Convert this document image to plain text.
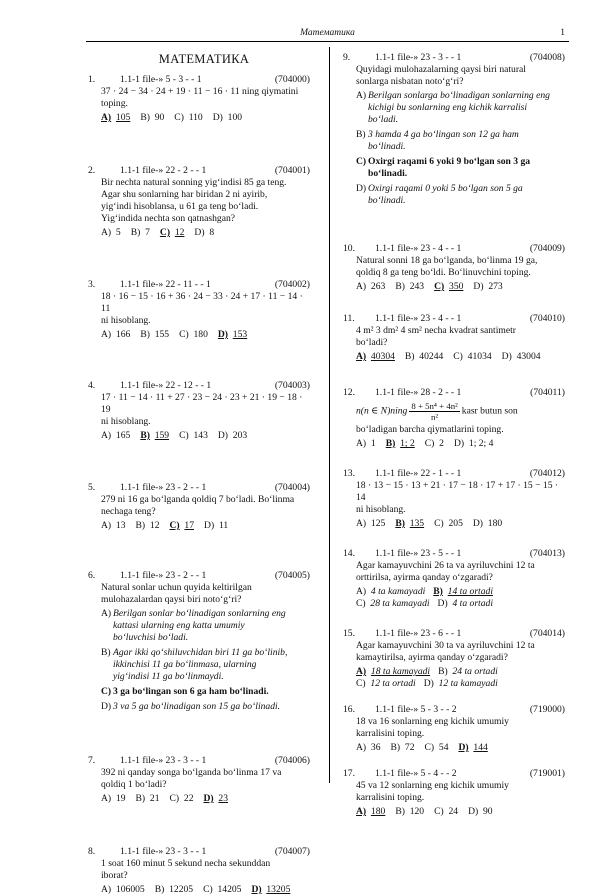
Математика	1
МАТЕМАТИКА
1.	1.1-1 file-» 5 - 3 - - 1	(704000)
37 · 24 − 34 · 24 + 19 · 11 − 16 · 11 ning qiymatini
toping.
A) 105 B) 90 C) 110 D) 100
2.	1.1-1 file-» 22 - 2 - - 1	(704001)
Bir nechta natural sonning yig‘indisi 85 ga teng.
Agar shu sonlarning har biridan 2 ni ayirib,
yig‘indi hisoblansa, u 61 ga teng bo‘ladi.
Yig‘indida nechta son qatnashgan?
A) 5 B) 7 C) 12 D) 8
3.	1.1-1 file-» 22 - 11 - - 1	(704002)
18 · 16 − 15 · 16 + 36 · 24 − 33 · 24 + 17 · 11 − 14 · 11
ni hisoblang.
A) 166 B) 155 C) 180 D) 153
4.	1.1-1 file-» 22 - 12 - - 1	(704003)
17 · 11 − 14 · 11 + 27 · 23 − 24 · 23 + 21 · 19 − 18 · 19
ni hisoblang.
A) 165 B) 159 C) 143 D) 203
5.	1.1-1 file-» 23 - 2 - - 1	(704004)
279 ni 16 ga bo‘lganda qoldiq 7 bo‘ladi. Bo‘linma
nechaga teng?
A) 13 B) 12 C) 17 D) 11
6.	1.1-1 file-» 23 - 2 - - 1	(704005)
Natural sonlar uchun quyida keltirilgan
mulohazalardan qaysi biri noto‘g‘ri?
A) Berilgan sonlar bo‘linadigan sonlarning eng
kattasi ularning eng katta umumiy
bo‘luvchisi bo‘ladi.
B) Agar ikki qo‘shiluvchidan biri 11 ga bo‘linib,
ikkinchisi 11 ga bo‘linmasa, ularning
yig‘indisi 11 ga bo‘linmaydi.
C) 3 ga bo‘lingan son 6 ga ham bo‘linadi.
D) 3 va 5 ga bo‘linadigan son 15 ga bo‘linadi.
7.	1.1-1 file-» 23 - 3 - - 1	(704006)
392 ni qanday songa bo‘lganda bo‘linma 17 va
qoldiq 1 bo‘ladi?
A) 19 B) 21 C) 22 D) 23
8.	1.1-1 file-» 23 - 3 - - 1	(704007)
1 soat 160 minut 5 sekund necha sekunddan
iborat?
A) 106005 B) 12205 C) 14205 D) 13205
9.	1.1-1 file-» 23 - 3 - - 1	(704008)
Quyidagi mulohazalarning qaysi biri natural
sonlarga nisbatan noto‘g‘ri?
A) Berilgan sonlarga bo‘linadigan sonlarning eng
kichigi bu sonlarning eng kichik karralisi
bo‘ladi.
B) 3 hamda 4 ga bo‘lingan son 12 ga ham
bo‘linadi.
C) Oxirgi raqami 6 yoki 9 bo‘lgan son 3 ga
bo‘linadi.
D) Oxirgi raqami 0 yoki 5 bo‘lgan son 5 ga
bo‘linadi.
10.	1.1-1 file-» 23 - 4 - - 1	(704009)
Natural sonni 18 ga bo‘lganda, bo‘linma 19 ga,
qoldiq 8 ga teng bo‘ldi. Bo‘linuvchini toping.
A) 263 B) 243 C) 350 D) 273
11.	1.1-1 file-» 23 - 4 - - 1	(704010)
4 m² 3 dm² 4 sm² necha kvadrat santimetr
bo‘ladi?
A) 40304 B) 40244 C) 41034 D) 43004
12.	1.1-1 file-» 28 - 2 - - 1	(704011)
n(n ∈ N)ning $\frac{\text{8 + 5n⁴ + 4n²}}{\text{n²}}$ kasr butun son
bo‘ladigan barcha qiymatlarini toping.
A) 1 B) 1; 2 C) 2 D) 1; 2; 4
13.	1.1-1 file-» 22 - 1 - - 1	(704012)
18 · 13 − 15 · 13 + 21 · 17 − 18 · 17 + 17 · 15 − 15 · 14
ni hisoblang.
A) 125 B) 135 C) 205 D) 180
14.	1.1-1 file-» 23 - 5 - - 1	(704013)
Agar kamayuvchini 26 ta va ayriluvchini 12 ta
orttirilsa, ayirma qanday o‘zgaradi?
A) 4 ta kamayadi B) 14 ta ortadi
C) 28 ta kamayadi D) 4 ta ortadi
15.	1.1-1 file-» 23 - 6 - - 1	(704014)
Agar kamayuvchini 30 ta va ayriluvchini 12 ta
kamaytirilsa, ayirma qanday o‘zgaradi?
A) 18 ta kamayadi B) 24 ta ortadi
C) 12 ta ortadi D) 12 ta kamayadi
16.	1.1-1 file-» 5 - 3 - - 2	(719000)
18 va 16 sonlarning eng kichik umumiy
karralisini toping.
A) 36 B) 72 C) 54 D) 144
17.	1.1-1 file-» 5 - 4 - - 2	(719001)
45 va 12 sonlarning eng kichik umumiy
karralisini toping.
A) 180 B) 120 C) 24 D) 90
